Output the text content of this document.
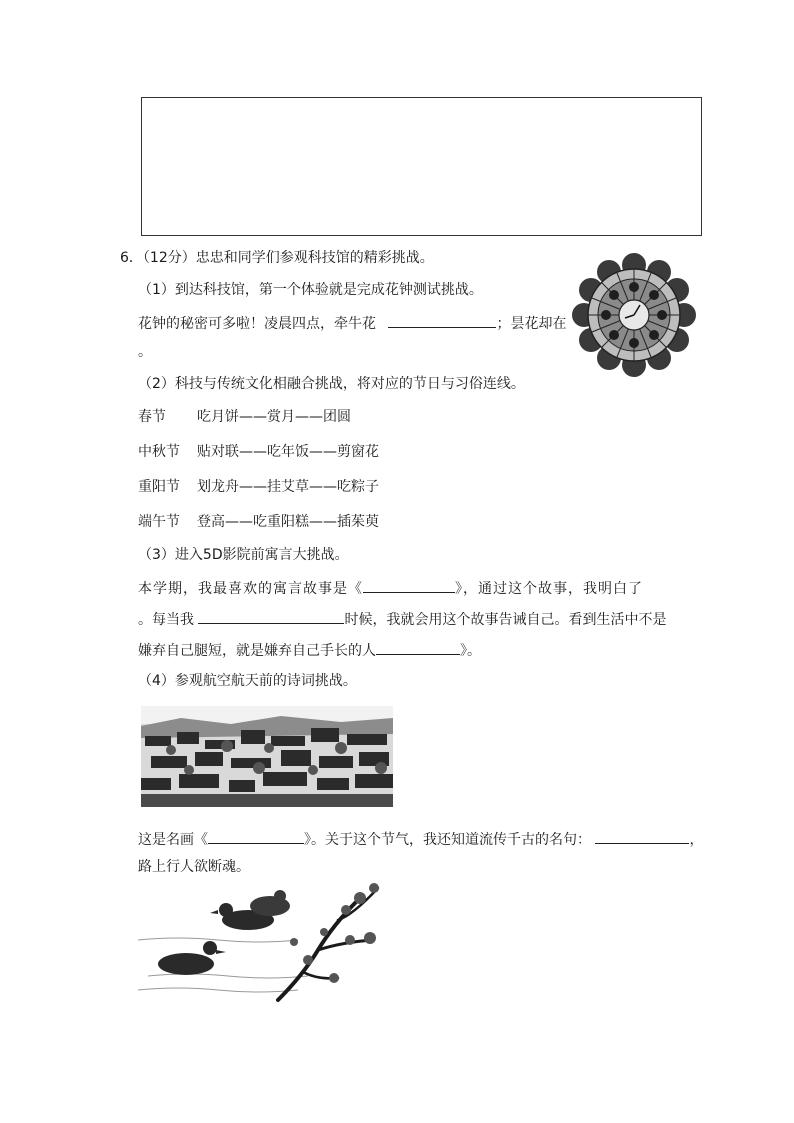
6．（12分）忠忠和同学们参观科技馆的精彩挑战。
（1）到达科技馆，第一个体验就是完成花钟测试挑战。
花钟的秘密可多啦！凌晨四点，牵牛花	；昙花却在
。
（2）科技与传统文化相融合挑战，将对应的节日与习俗连线。
春节 吃月饼——赏月——团圆
中秋节 贴对联——吃年饭——剪窗花
重阳节 划龙舟——挂艾草——吃粽子
端午节 登高——吃重阳糕——插茱萸
（3）进入5D影院前寓言大挑战。
本学期，我最喜欢的寓言故事是《	》，通过这个故事，我明白了
。每当我	时候，我就会用这个故事告诫自己。看到生活中不是
嫌弃自己腿短，就是嫌弃自己手长的人	》。
（4）参观航空航天前的诗词挑战。
这是名画《	》。关于这个节气，我还知道流传千古的名句：	，
路上行人欲断魂。
